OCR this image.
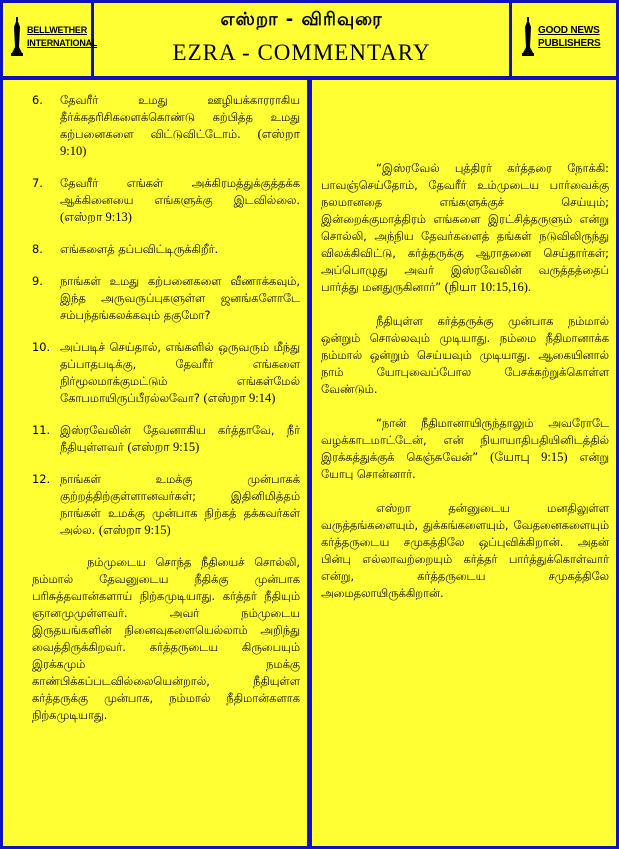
BELLWETHER
INTERNATIONAL
எஸ்றா - விரிவுரை
EZRA - COMMENTARY
GOOD NEWS
PUBLISHERS
6.	தேவரீர் உமது ஊழியக்காரராகிய தீர்க்கதரிசிகளைக்கொண்டு கற்பித்த உமது கற்பனைகளை விட்டுவிட்டோம். (எஸ்றா 9:10)
7.	தேவரீர் எங்கள் அக்கிரமத்துக்குத்தக்க ஆக்கினையை எங்களுக்கு இடவில்லை. (எஸ்றா 9:13)
8.	எங்களைத் தப்பவிட்டிருக்கிறீர்.
9.	நாங்கள் உமது கற்பனைகளை வீணாக்கவும், இந்த அருவருப்புகளுள்ள ஜனங்களோடே சம்பந்தங்கலக்கவும் தகுமோ?
10. அப்படிச் செய்தால், எங்களில் ஒருவரும் மீந்து தப்பாதபடிக்கு, தேவரீர் எங்களை நிர்மூலமாக்குமட்டும் எங்கள்மேல் கோபமாயிருப்பீரல்லவோ? (எஸ்றா 9:14)
11. இஸ்ரவேலின் தேவனாகிய கர்த்தாவே, நீர் நீதியுள்ளவர் (எஸ்றா 9:15)
12. நாங்கள் உமக்கு முன்பாகக் குற்றத்திற்குள்ளானவர்கள்; இதினிமித்தம் நாங்கள் உமக்கு முன்பாக நிற்கத் தக்கவர்கள் அல்ல. (எஸ்றா 9:15)
நம்முடைய சொந்த நீதியைச் சொல்லி, நம்மால் தேவனுடைய நீதிக்கு முன்பாக பரிசுத்தவான்களாய் நிற்கமுடியாது. கர்த்தர் நீதியும் ஞானமுமுள்ளவர். அவர் நம்முடைய இருதயங்களின் நினைவுகளையெல்லாம் அறிந்து வைத்திருக்கிறவர். கர்த்தருடைய கிருபையும் இரக்கமும் நமக்கு காண்பிக்கப்படவில்லையென்றால், நீதியுள்ள கர்த்தருக்கு முன்பாக, நம்மால் நீதிமான்களாக நிற்கமுடியாது.
“இஸ்ரவேல் புத்திரர் கர்த்தரை நோக்கி: பாவஞ்செய்தோம், தேவரீர் உம்முடைய பார்வைக்கு நலமானதை எங்களுக்குச் செய்யும்; இன்றைக்குமாத்திரம் எங்களை இரட்சித்தருளும் என்று சொல்லி, அந்நிய தேவர்களைத் தங்கள் நடுவிலிருந்து விலக்கிவிட்டு, கர்த்தருக்கு ஆராதனை செய்தார்கள்; அப்பொழுது அவர் இஸ்ரவேலின் வருத்தத்தைப் பார்த்து மனதுருகினார்” (நியா 10:15,16).
நீதியுள்ள கர்த்தருக்கு முன்பாக நம்மால் ஒன்றும் சொல்லவும் முடியாது. நம்மை நீதிமானாக்க நம்மால் ஒன்றும் செய்யவும் முடியாது. ஆகையினால் நாம் யோபுவைப்போல பேசக்கற்றுக்கொள்ள வேண்டும்.
“நான் நீதிமானாயிருந்தாலும் அவரோடே வழக்காடமாட்டேன், என் நியாயாதிபதியினிடத்தில் இரக்கத்துக்குக் கெஞ்சுவேன்” (யோபு 9:15) என்று யோபு சொன்னார்.
எஸ்றா தன்னுடைய மனதிலுள்ள வருத்தங்களையும், துக்கங்களையும், வேதனைகளையும் கர்த்தருடைய சமுகத்திலே ஒப்புவிக்கிறான். அதன் பின்பு எல்லாவற்றையும் கர்த்தர் பார்த்துக்கொள்வார் என்று, கர்த்தருடைய சமுகத்திலே அமைதலாயிருக்கிறான்.
